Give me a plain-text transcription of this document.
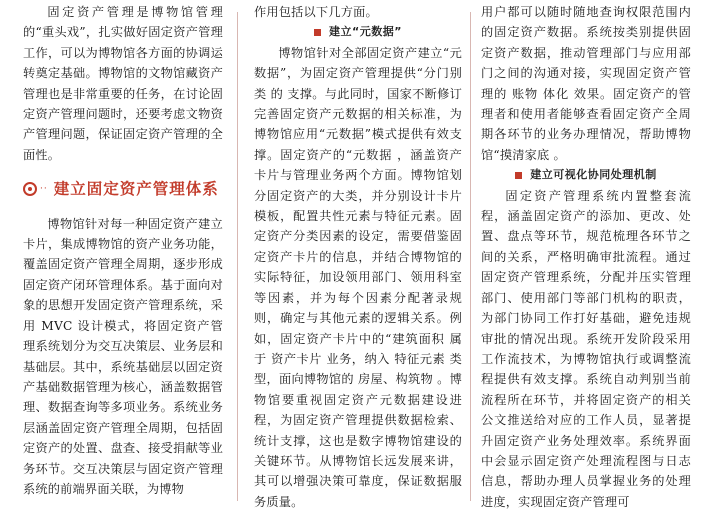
固定资产管理是博物馆管理的“重头戏”，扎实做好固定资产管理工作，可以为博物馆各方面的协调运转奠定基础。博物馆的文物馆藏资产管理也是非常重要的任务，在讨论固定资产管理问题时，还要考虑文物资产管理问题，保证固定资产管理的全面性。

·· 建立固定资产管理体系

博物馆针对每一种固定资产建立卡片，集成博物馆的资产业务功能，覆盖固定资产管理全周期，逐步形成固定资产闭环管理体系。基于面向对象的思想开发固定资产管理系统，采用 MVC 设计模式，将固定资产管理系统划分为交互决策层、业务层和基础层。其中，系统基础层以固定资产基础数据管理为核心，涵盖数据管理、数据查询等多项业务。系统业务层涵盖固定资产管理全周期，包括固定资产的处置、盘查、接受捐献等业务环节。交互决策层与固定资产管理系统的前端界面关联，为博物

作用包括以下几方面。

建立“元数据”

博物馆针对全部固定资产建立“元数据”，为固定资产管理提供“分门别类 的 支撑。与此同时，国家不断修订完善固定资产元数据的相关标准，为博物馆应用“元数据”模式提供有效支撑。固定资产的“元数据 ，涵盖资产卡片与管理业务两个方面。博物馆划分固定资产的大类，并分别设计卡片模板，配置共性元素与特征元素。固定资产分类因素的设定，需要借鉴固定资产卡片的信息，并结合博物馆的实际特征，加设领用部门、领用科室等因素，并为每个因素分配著录规则，确定与其他元素的逻辑关系。例如，固定资产卡片中的“建筑面积 属于 资产卡片 业务，纳入 特征元素 类型，面向博物馆的 房屋、构筑物 。博物馆要重视固定资产元数据建设进程，为固定资产管理提供数据检索、统计支撑，这也是数字博物馆建设的关键环节。从博物馆长远发展来讲，其可以增强决策可靠度，保证数据服务质量。

用户都可以随时随地查询权限范围内的固定资产数据。系统按类别提供固定资产数据，推动管理部门与应用部门之间的沟通对接，实现固定资产管理的 账物 体化 效果。固定资产的管理者和使用者能够查看固定资产全周期各环节的业务办理情况，帮助博物馆“摸清家底 。

建立可视化协同处理机制

固定资产管理系统内置整套流程，涵盖固定资产的添加、更改、处置、盘点等环节，规范梳理各环节之间的关系，严格明确审批流程。通过固定资产管理系统，分配并压实管理部门、使用部门等部门机构的职责，为部门协同工作打好基础，避免违规审批的情况出现。系统开发阶段采用工作流技术，为博物馆执行或调整流程提供有效支撑。系统自动判别当前流程所在环节，并将固定资产的相关公文推送给对应的工作人员，显著提升固定资产业务处理效率。系统界面中会显示固定资产处理流程图与日志信息，帮助办理人员掌握业务的处理进度，实现固定资产管理可
